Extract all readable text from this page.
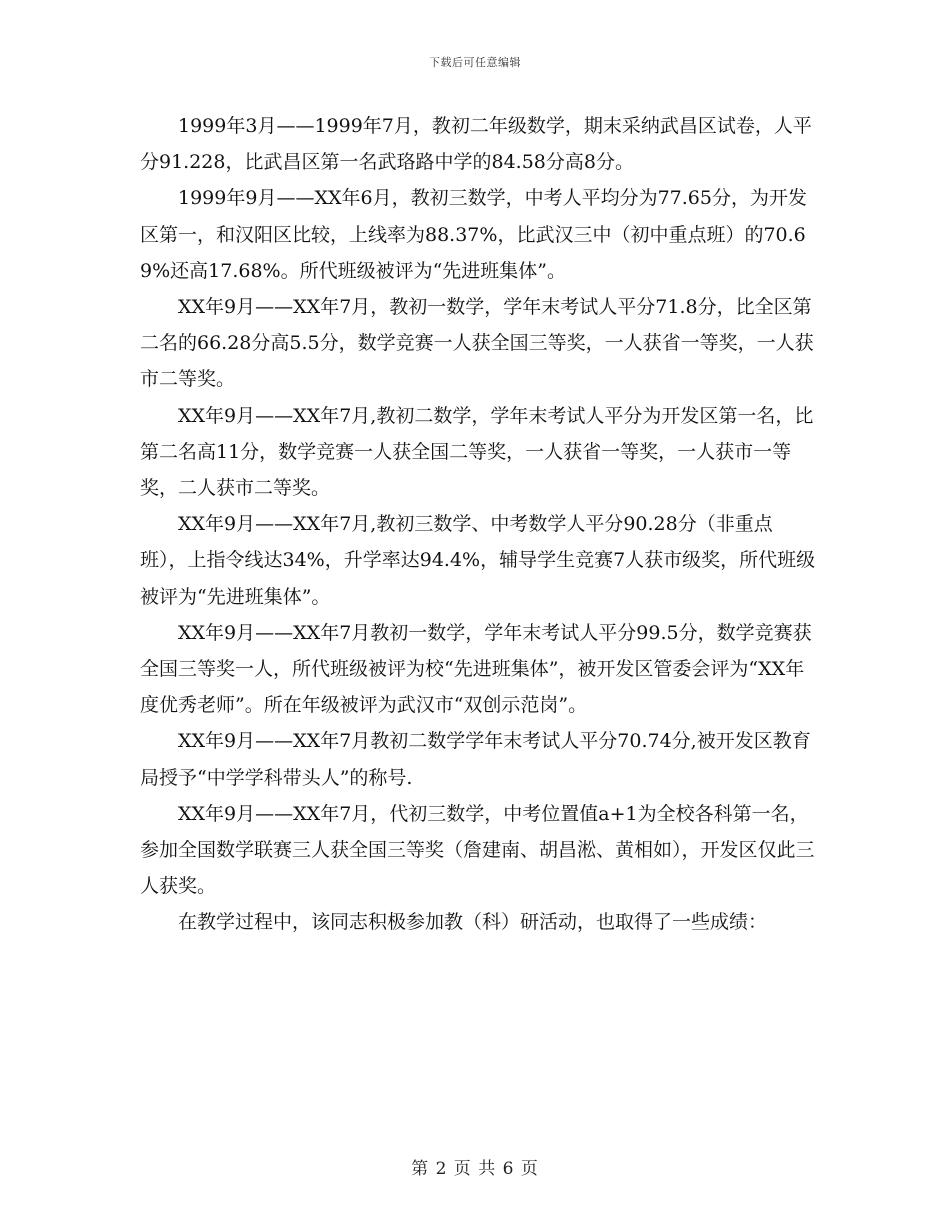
下载后可任意编辑

1999年3月——1999年7月，教初二年级数学，期末采纳武昌区试卷，人平分91.228，比武昌区第一名武珞路中学的84.58分高8分。

1999年9月——XX年6月，教初三数学，中考人平均分为77.65分，为开发区第一，和汉阳区比较，上线率为88.37%，比武汉三中（初中重点班）的70.69%还高17.68%。所代班级被评为“先进班集体”。

XX年9月——XX年7月，教初一数学，学年末考试人平分71.8分，比全区第二名的66.28分高5.5分，数学竞赛一人获全国三等奖，一人获省一等奖，一人获市二等奖。

XX年9月——XX年7月,教初二数学，学年末考试人平分为开发区第一名，比第二名高11分，数学竞赛一人获全国二等奖，一人获省一等奖，一人获市一等奖，二人获市二等奖。

XX年9月——XX年7月,教初三数学、中考数学人平分90.28分（非重点班），上指令线达34%，升学率达94.4%，辅导学生竞赛7人获市级奖，所代班级被评为“先进班集体”。

XX年9月——XX年7月教初一数学，学年末考试人平分99.5分，数学竞赛获全国三等奖一人，所代班级被评为校“先进班集体”，被开发区管委会评为“XX年度优秀老师”。所在年级被评为武汉市“双创示范岗”。

XX年9月——XX年7月教初二数学学年末考试人平分70.74分,被开发区教育局授予“中学学科带头人”的称号.

XX年9月——XX年7月，代初三数学，中考位置值a+1为全校各科第一名，参加全国数学联赛三人获全国三等奖（詹建南、胡昌淞、黄相如），开发区仅此三人获奖。

在教学过程中，该同志积极参加教（科）研活动，也取得了一些成绩：

第 2 页 共 6 页
